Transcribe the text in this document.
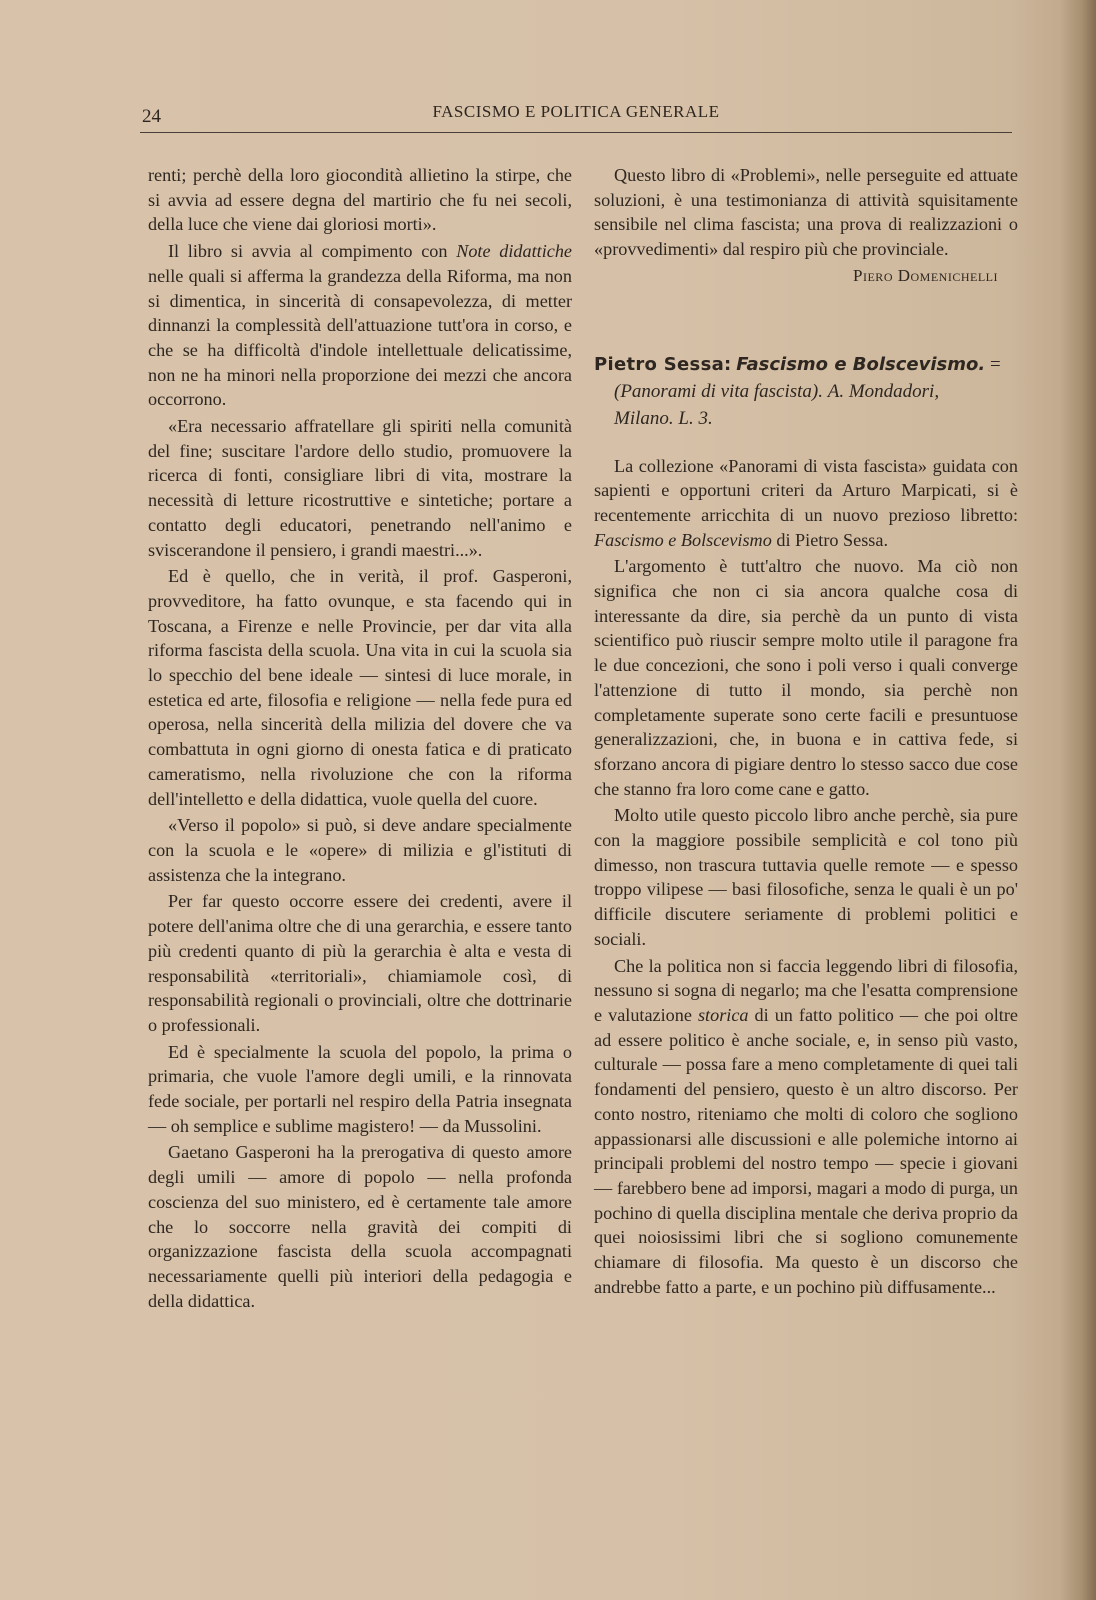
24	FASCISMO E POLITICA GENERALE

renti; perchè della loro giocondità allietino la stirpe, che si avvia ad essere degna del martirio che fu nei secoli, della luce che viene dai gloriosi morti».

Il libro si avvia al compimento con Note didattiche nelle quali si afferma la grandezza della Riforma, ma non si dimentica, in sincerità di consapevolezza, di metter dinnanzi la complessità dell'attuazione tutt'ora in corso, e che se ha difficoltà d'indole intellettuale delicatissime, non ne ha minori nella proporzione dei mezzi che ancora occorrono.

«Era necessario affratellare gli spiriti nella comunità del fine; suscitare l'ardore dello studio, promuovere la ricerca di fonti, consigliare libri di vita, mostrare la necessità di letture ricostruttive e sintetiche; portare a contatto degli educatori, penetrando nell'animo e sviscerandone il pensiero, i grandi maestri...».

Ed è quello, che in verità, il prof. Gasperoni, provveditore, ha fatto ovunque, e sta facendo qui in Toscana, a Firenze e nelle Provincie, per dar vita alla riforma fascista della scuola. Una vita in cui la scuola sia lo specchio del bene ideale — sintesi di luce morale, in estetica ed arte, filosofia e religione — nella fede pura ed operosa, nella sincerità della milizia del dovere che va combattuta in ogni giorno di onesta fatica e di praticato cameratismo, nella rivoluzione che con la riforma dell'intelletto e della didattica, vuole quella del cuore.

«Verso il popolo» si può, si deve andare specialmente con la scuola e le «opere» di milizia e gl'istituti di assistenza che la integrano.

Per far questo occorre essere dei credenti, avere il potere dell'anima oltre che di una gerarchia, e essere tanto più credenti quanto di più la gerarchia è alta e vesta di responsabilità «territoriali», chiamiamole così, di responsabilità regionali o provinciali, oltre che dottrinarie o professionali.

Ed è specialmente la scuola del popolo, la prima o primaria, che vuole l'amore degli umili, e la rinnovata fede sociale, per portarli nel respiro della Patria insegnata — oh semplice e sublime magistero! — da Mussolini.

Gaetano Gasperoni ha la prerogativa di questo amore degli umili — amore di popolo — nella profonda coscienza del suo ministero, ed è certamente tale amore che lo soccorre nella gravità dei compiti di organizzazione fascista della scuola accompagnati necessariamente quelli più interiori della pedagogia e della didattica.

Questo libro di «Problemi», nelle perseguite ed attuate soluzioni, è una testimonianza di attività squisitamente sensibile nel clima fascista; una prova di realizzazioni o «provvedimenti» dal respiro più che provinciale.

Piero Domenichelli

Pietro Sessa: Fascismo e Bolscevismo. =
(Panorami di vita fascista). A. Mondadori,
Milano. L. 3.

La collezione «Panorami di vista fascista» guidata con sapienti e opportuni criteri da Arturo Marpicati, si è recentemente arricchita di un nuovo prezioso libretto: Fascismo e Bolscevismo di Pietro Sessa.

L'argomento è tutt'altro che nuovo. Ma ciò non significa che non ci sia ancora qualche cosa di interessante da dire, sia perchè da un punto di vista scientifico può riuscir sempre molto utile il paragone fra le due concezioni, che sono i poli verso i quali converge l'attenzione di tutto il mondo, sia perchè non completamente superate sono certe facili e presuntuose generalizzazioni, che, in buona e in cattiva fede, si sforzano ancora di pigiare dentro lo stesso sacco due cose che stanno fra loro come cane e gatto.

Molto utile questo piccolo libro anche perchè, sia pure con la maggiore possibile semplicità e col tono più dimesso, non trascura tuttavia quelle remote — e spesso troppo vilipese — basi filosofiche, senza le quali è un po' difficile discutere seriamente di problemi politici e sociali.

Che la politica non si faccia leggendo libri di filosofia, nessuno si sogna di negarlo; ma che l'esatta comprensione e valutazione storica di un fatto politico — che poi oltre ad essere politico è anche sociale, e, in senso più vasto, culturale — possa fare a meno completamente di quei tali fondamenti del pensiero, questo è un altro discorso. Per conto nostro, riteniamo che molti di coloro che sogliono appassionarsi alle discussioni e alle polemiche intorno ai principali problemi del nostro tempo — specie i giovani — farebbero bene ad imporsi, magari a modo di purga, un pochino di quella disciplina mentale che deriva proprio da quei noiosissimi libri che si sogliono comunemente chiamare di filosofia. Ma questo è un discorso che andrebbe fatto a parte, e un pochino più diffusamente...
